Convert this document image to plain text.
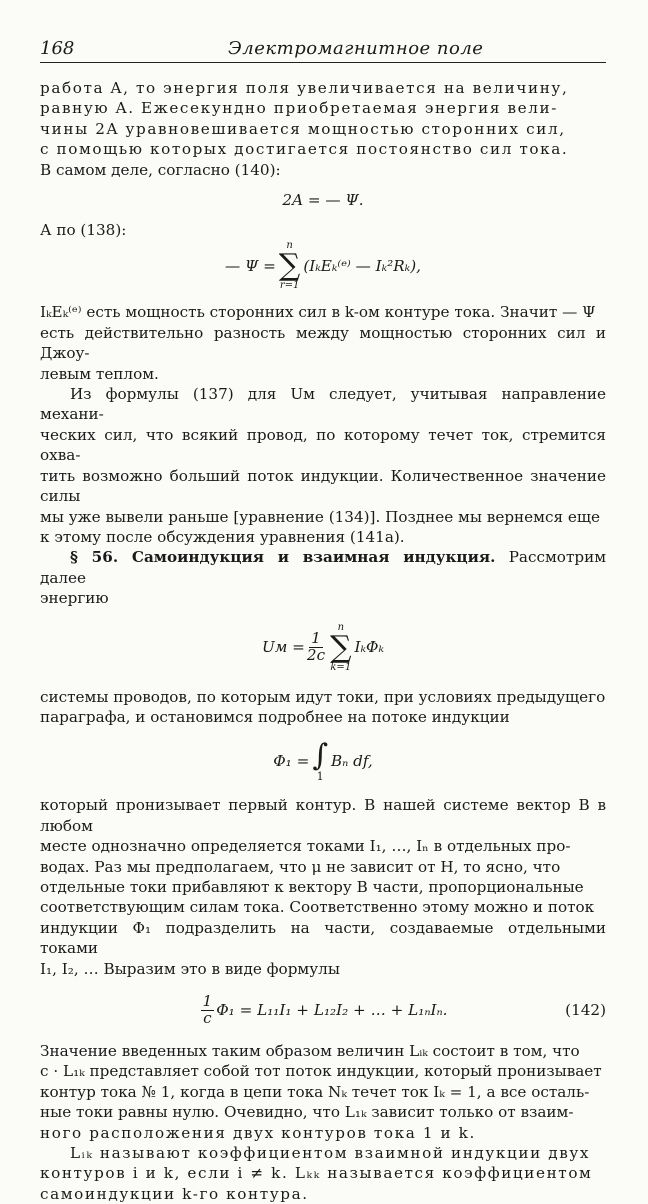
168	Электромагнитное поле

работа A, то энергия поля увеличивается на величину,
равную A. Ежесекундно приобретаемая энергия вели-
чины 2A уравновешивается мощностью сторонних сил,
с помощью которых достигается постоянство сил тока.
В самом деле, согласно (140):

2A = — Ψ.

А по (138):

— Ψ =
n
∑
r=1
(IₖEₖ⁽ᵉ⁾ — Iₖ²Rₖ),

IₖEₖ⁽ᵉ⁾ есть мощность сторонних сил в k-ом контуре тока. Значит — Ψ
есть действительно разность между мощностью сторонних сил и Джоу-
левым теплом.

Из формулы (137) для Uм следует, учитывая направление механи-
ческих сил, что всякий провод, по которому течет ток, стремится охва-
тить возможно больший поток индукции. Количественное значение силы
мы уже вывели раньше [уравнение (134)]. Позднее мы вернемся еще
к этому после обсуждения уравнения (141a).

§ 56. Самоиндукция и взаимная индукция. Рассмотрим далее
энергию

Uм = $\frac{1}{2c}$
n
∑
k=1
IₖΦₖ

системы проводов, по которым идут токи, при условиях предыдущего
параграфа, и остановимся подробнее на потоке индукции

Φ₁ = ∫
1
Bₙ df,

который пронизывает первый контур. В нашей системе вектор B в любом
месте однозначно определяется токами I₁, …, Iₙ в отдельных про-
водах. Раз мы предполагаем, что μ не зависит от H, то ясно, что
отдельные токи прибавляют к вектору B части, пропорциональные
соответствующим силам тока. Соответственно этому можно и поток
индукции Φ₁ подразделить на части, создаваемые отдельными токами
I₁, I₂, … Выразим это в виде формулы

$\frac{1}{c} \Phi_1 = L_{11}I_1 + L_{12}I_2$ + … + L₁ₙIₙ.	(142)

Значение введенных таким образом величин Lᵢₖ состоит в том, что
c · L₁ₖ представляет собой тот поток индукции, который пронизывает
контур тока № 1, когда в цепи тока Nₖ течет ток Iₖ = 1, а все осталь-
ные токи равны нулю. Очевидно, что L₁ₖ зависит только от взаим-
ного расположения двух контуров тока 1 и k.

Lᵢₖ называют коэффициентом взаимной индукции двух
контуров i и k, если i ≠ k. Lₖₖ называется коэффициентом
самоиндукции k-го контура.
